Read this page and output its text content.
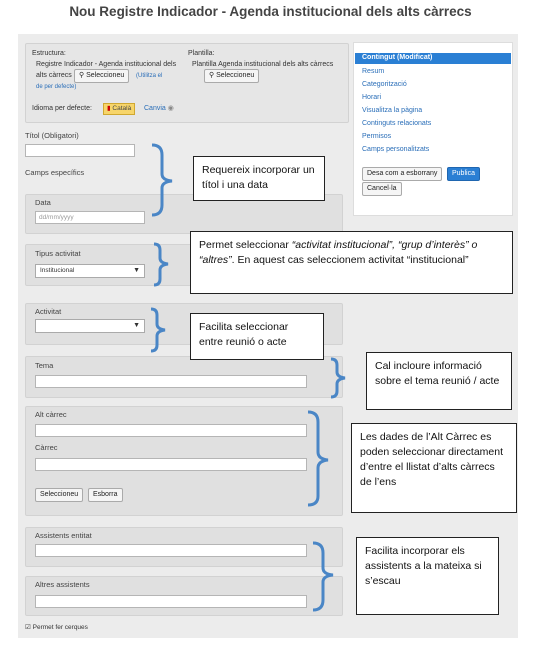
Nou Registre Indicador - Agenda institucional dels alts càrrecs
Estructura:
Registre Indicador - Agenda institucional dels
alts càrrecs	⚲ Seleccioneu	(Utilitza el
de per defecte)
Plantilla:
Plantilla Agenda institucional dels alts càrrecs
⚲ Seleccioneu
Idioma per defecte:	▮ Català	Canvia ◉
Títol (Obligatori)
Camps específics
Data
dd/mm/yyyy
Tipus activitat
Institucional	▼
Activitat
▼
Tema
Alt càrrec
Càrrec
Seleccioneu	Esborra
Assistents entitat
Altres assistents
☑ Permet fer cerques
Contingut (Modificat)
Resum
Categorització
Horari
Visualitza la pàgina
Continguts relacionats
Permisos
Camps personalitzats
Desa com a esborrany	Publica
Cancel·la
Requereix incorporar un títol i una data
Permet seleccionar “activitat institucional”, “grup d’interès” o “altres”. En aquest cas seleccionem activitat “institucional”
Facilita seleccionar entre reunió o acte
Cal incloure informació sobre el tema reunió / acte
Les dades de l’Alt Càrrec es poden seleccionar directament d’entre el llistat d’alts càrrecs de l’ens
Facilita incorporar els assistents a la mateixa si s’escau
